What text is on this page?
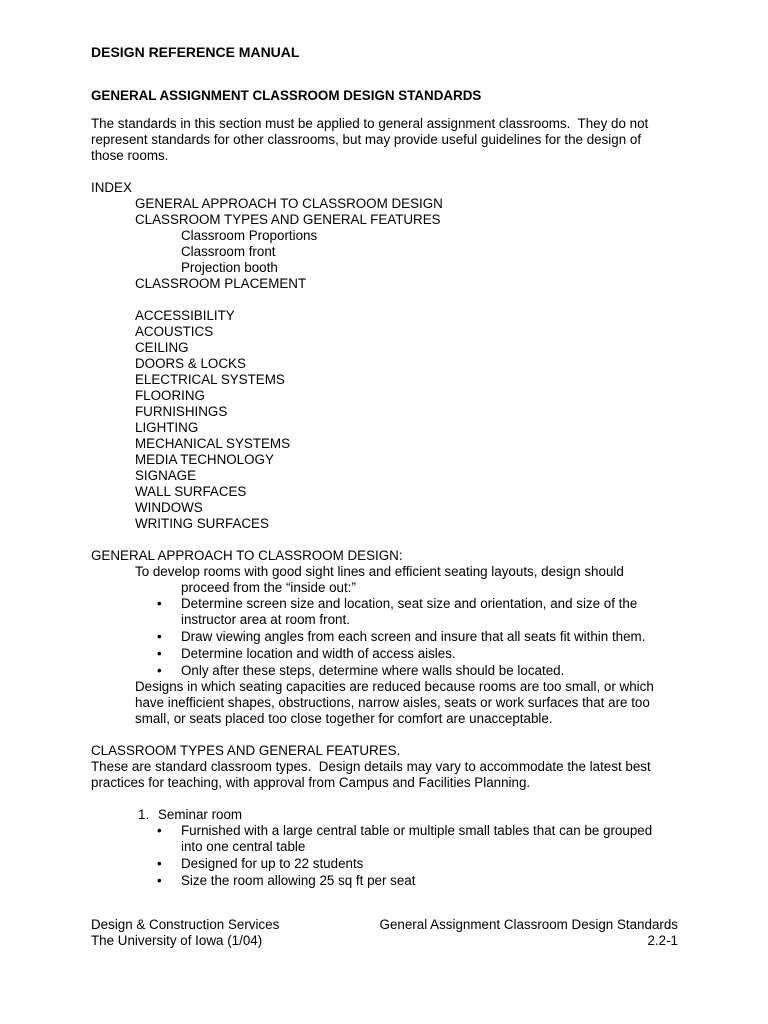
DESIGN REFERENCE MANUAL
GENERAL ASSIGNMENT CLASSROOM DESIGN STANDARDS
The standards in this section must be applied to general assignment classrooms.  They do not
represent standards for other classrooms, but may provide useful guidelines for the design of
those rooms.
INDEX
GENERAL APPROACH TO CLASSROOM DESIGN
CLASSROOM TYPES AND GENERAL FEATURES
Classroom Proportions
Classroom front
Projection booth
CLASSROOM PLACEMENT
ACCESSIBILITY
ACOUSTICS
CEILING
DOORS & LOCKS
ELECTRICAL SYSTEMS
FLOORING
FURNISHINGS
LIGHTING
MECHANICAL SYSTEMS
MEDIA TECHNOLOGY
SIGNAGE
WALL SURFACES
WINDOWS
WRITING SURFACES
GENERAL APPROACH TO CLASSROOM DESIGN:
To develop rooms with good sight lines and efficient seating layouts, design should
proceed from the “inside out:”
• Determine screen size and location, seat size and orientation, and size of the
instructor area at room front.
• Draw viewing angles from each screen and insure that all seats fit within them.
• Determine location and width of access aisles.
• Only after these steps, determine where walls should be located.
Designs in which seating capacities are reduced because rooms are too small, or which
have inefficient shapes, obstructions, narrow aisles, seats or work surfaces that are too
small, or seats placed too close together for comfort are unacceptable.
CLASSROOM TYPES AND GENERAL FEATURES.
These are standard classroom types.  Design details may vary to accommodate the latest best
practices for teaching, with approval from Campus and Facilities Planning.
1. Seminar room
• Furnished with a large central table or multiple small tables that can be grouped
into one central table
• Designed for up to 22 students
• Size the room allowing 25 sq ft per seat
Design & Construction Services	General Assignment Classroom Design Standards
The University of Iowa (1/04)	2.2-1
